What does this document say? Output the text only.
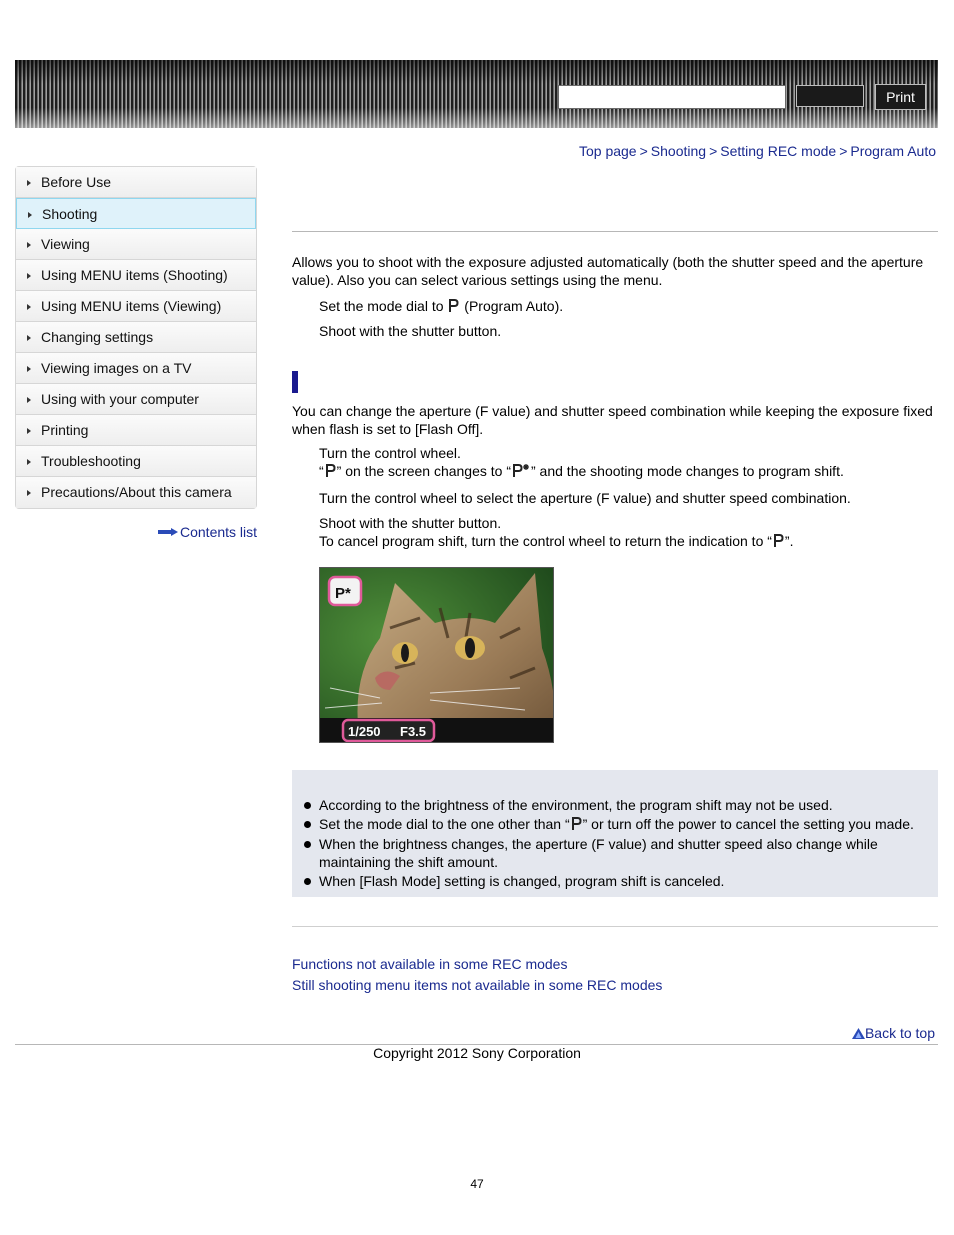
Print
Top page > Shooting > Setting REC mode > Program Auto
Before Use
Shooting
Viewing
Using MENU items (Shooting)
Using MENU items (Viewing)
Changing settings
Viewing images on a TV
Using with your computer
Printing
Troubleshooting
Precautions/About this camera
Contents list
Allows you to shoot with the exposure adjusted automatically (both the shutter speed and the aperture value). Also you can select various settings using the menu.
Set the mode dial to  (Program Auto).
Shoot with the shutter button.
You can change the aperture (F value) and shutter speed combination while keeping the exposure fixed when flash is set to [Flash Off].
Turn the control wheel.
“ ” on the screen changes to “ ” and the shooting mode changes to program shift.
Turn the control wheel to select the aperture (F value) and shutter speed combination.
Shoot with the shutter button.
To cancel program shift, turn the control wheel to return the indication to “ ”.
1/250 F3.5
P*
According to the brightness of the environment, the program shift may not be used.
Set the mode dial to the one other than “ ” or turn off the power to cancel the setting you made.
When the brightness changes, the aperture (F value) and shutter speed also change while maintaining the shift amount.
When [Flash Mode] setting is changed, program shift is canceled.
Functions not available in some REC modes
Still shooting menu items not available in some REC modes
Back to top
Copyright 2012 Sony Corporation
47
